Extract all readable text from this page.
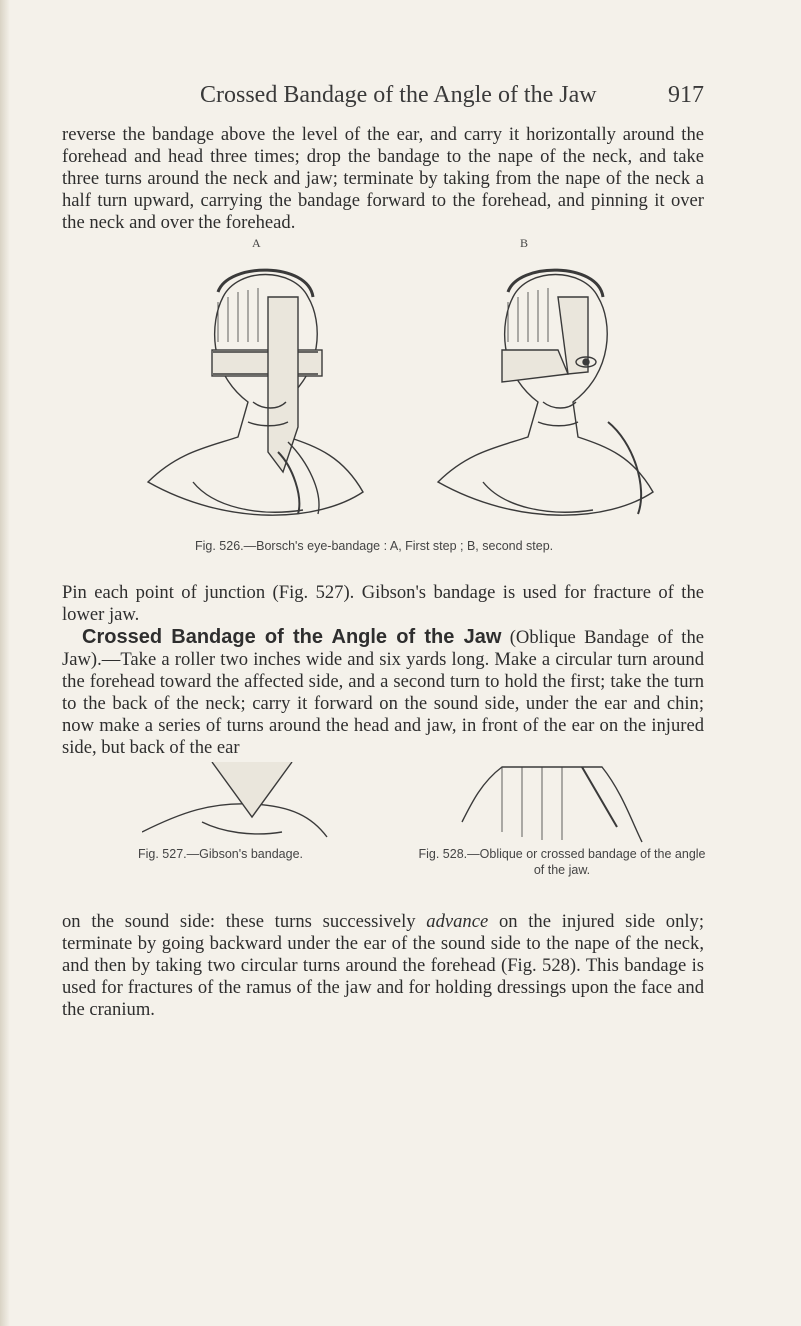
Crossed Bandage of the Angle of the Jaw	917

reverse the bandage above the level of the ear, and carry it horizontally around the forehead and head three times; drop the bandage to the nape of the neck, and take three turns around the neck and jaw; terminate by taking from the nape of the neck a half turn upward, carrying the bandage forward to the forehead, and pinning it over the neck and over the forehead.

A	B
Fig. 526.—Borsch's eye-bandage : A, First step ; B, second step.
Pin each point of junction (Fig. 527). Gibson's bandage is used for fracture of the lower jaw.
Crossed Bandage of the Angle of the Jaw (Oblique Bandage of the Jaw).—Take a roller two inches wide and six yards long. Make a circular turn around the forehead toward the affected side, and a second turn to hold the first; take the turn to the back of the neck; carry it forward on the sound side, under the ear and chin; now make a series of turns around the head and jaw, in front of the ear on the injured side, but back of the ear
Fig. 527.—Gibson's bandage.	Fig. 528.—Oblique or crossed bandage of the angle of the jaw.
on the sound side: these turns successively advance on the injured side only; terminate by going backward under the ear of the sound side to the nape of the neck, and then by taking two circular turns around the forehead (Fig. 528). This bandage is used for fractures of the ramus of the jaw and for holding dressings upon the face and the cranium.
